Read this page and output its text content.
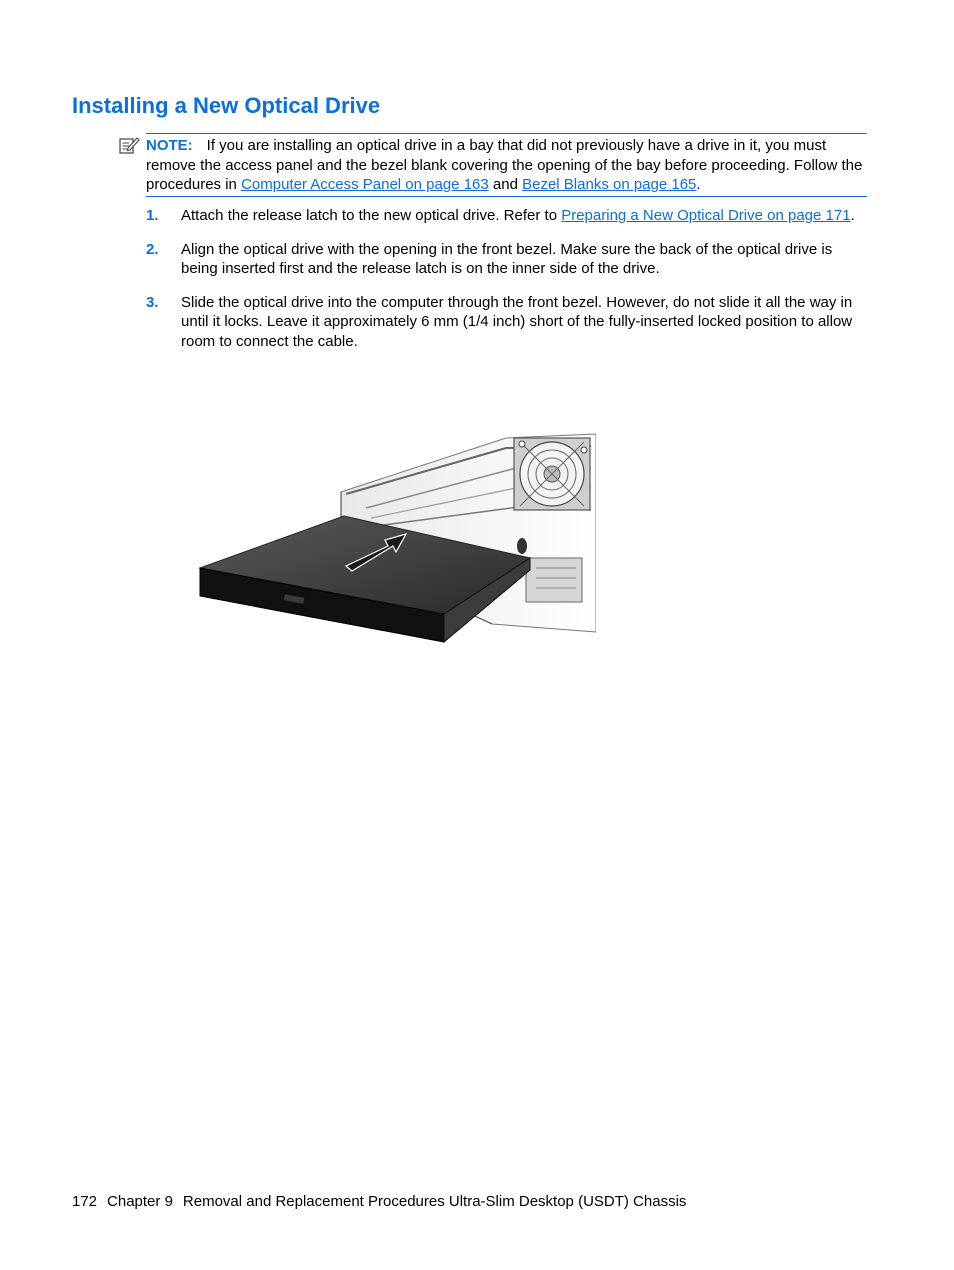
Installing a New Optical Drive
NOTE: If you are installing an optical drive in a bay that did not previously have a drive in it, you must remove the access panel and the bezel blank covering the opening of the bay before proceeding. Follow the procedures in Computer Access Panel on page 163 and Bezel Blanks on page 165.
1. Attach the release latch to the new optical drive. Refer to Preparing a New Optical Drive on page 171.
2. Align the optical drive with the opening in the front bezel. Make sure the back of the optical drive is being inserted first and the release latch is on the inner side of the drive.
3. Slide the optical drive into the computer through the front bezel. However, do not slide it all the way in until it locks. Leave it approximately 6 mm (1/4 inch) short of the fully-inserted locked position to allow room to connect the cable.
172 Chapter 9 Removal and Replacement Procedures Ultra-Slim Desktop (USDT) Chassis
